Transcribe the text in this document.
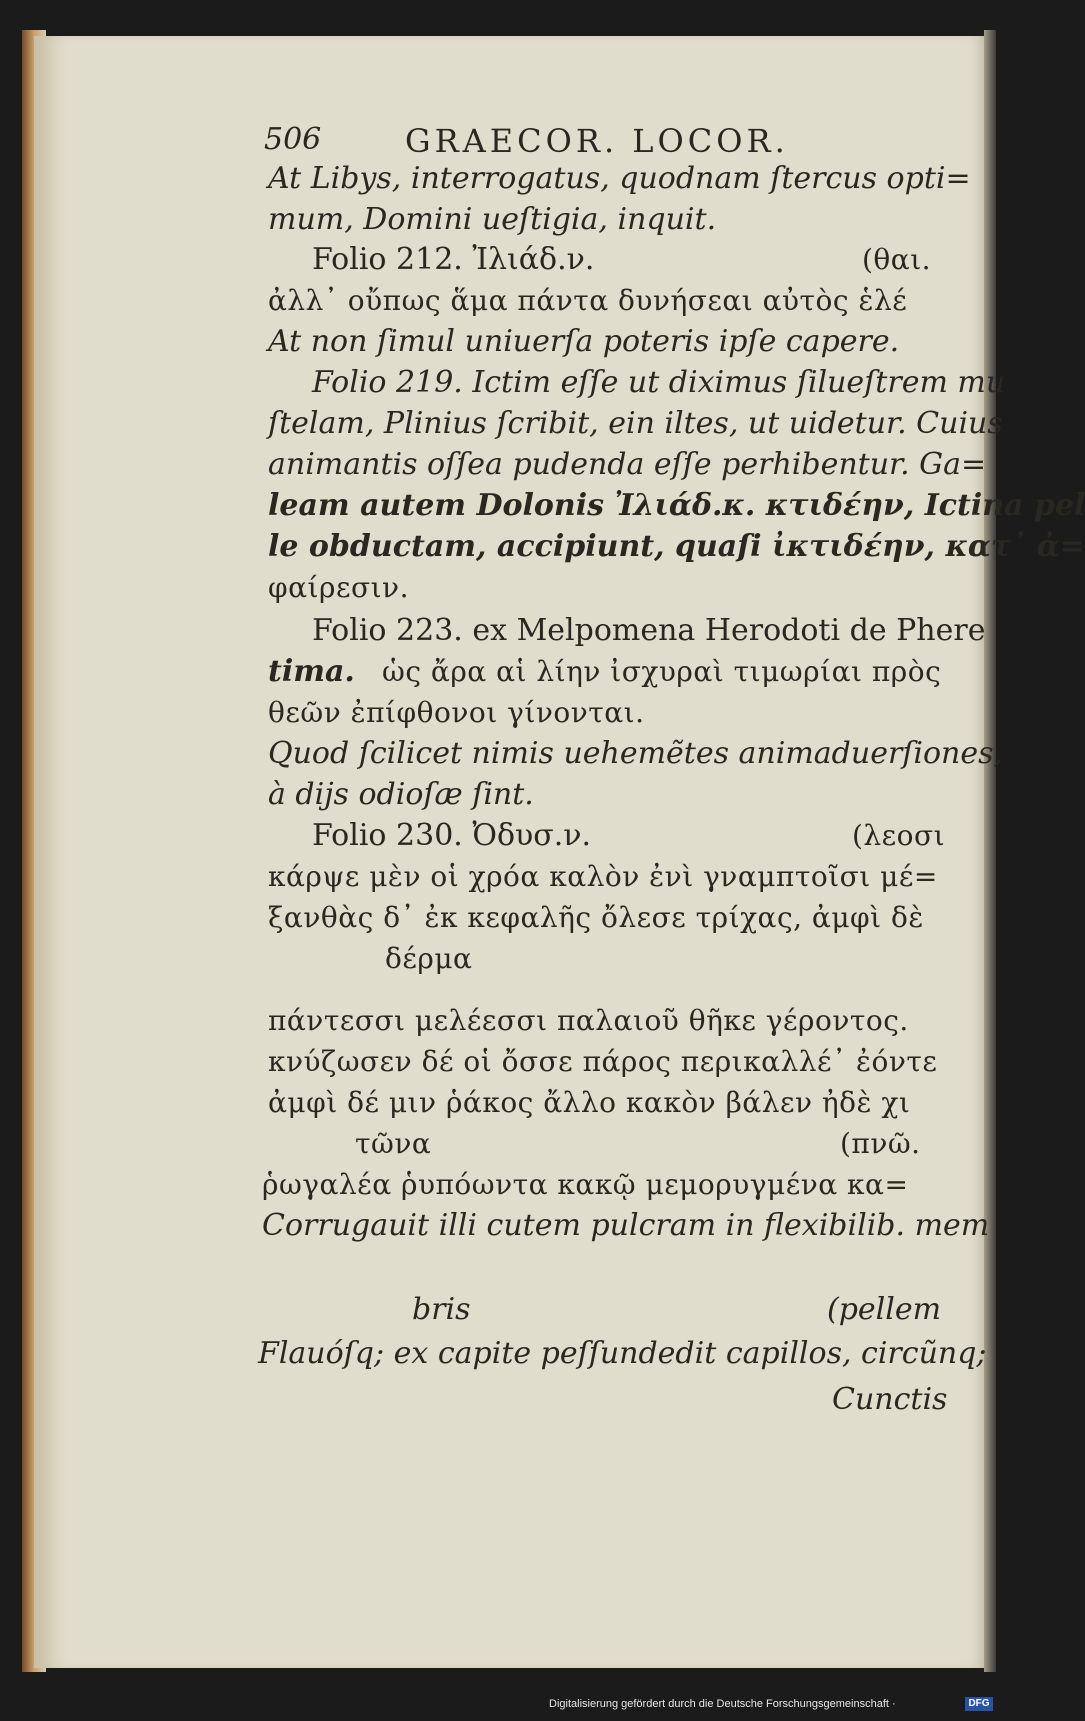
506	GRAECOR. LOCOR.
At Libys, interrogatus, quodnam ſtercus opti=
mum, Domini ueſtigia, inquit.
Folio 212. Ἰλιάδ.ν.	(θαι.
ἀλλ᾽ οὔπως ἅμα πάντα δυνήσεαι αὐτὸς ἑλέ
At non ſimul uniuerſa poteris ipſe capere.
Folio 219. Ictim eſſe ut diximus ſilueſtrem mu
ſtelam, Plinius ſcribit, ein iltes, ut uidetur. Cuius
animantis oſſea pudenda eſſe perhibentur. Ga=
leam autem Dolonis Ἰλιάδ.κ. κτιδέην, Ictina pel
le obductam, accipiunt, quaſi ἰκτιδέην, κατ᾽ ἀ=
φαίρεσιν.
Folio 223. ex Melpomena Herodoti de Phere
tima. ὡς ἄρα αἱ λίην ἰσχυραὶ τιμωρίαι πρὸς
θεῶν ἐπίφθονοι γίνονται.
Quod ſcilicet nimis uehemẽtes animaduerſiones,
à dijs odioſæ ſint.
Folio 230. Ὀδυσ.ν.	(λεοσι
κάρψε μὲν οἱ χρόα καλὸν ἐνὶ γναμπτοῖσι μέ=
ξανθὰς δ᾽ ἐκ κεφαλῆς ὄλεσε τρίχας, ἀμφὶ δὲ
δέρμα
πάντεσσι μελέεσσι παλαιοῦ θῆκε γέροντος.
κνύζωσεν δέ οἱ ὄσσε πάρος περικαλλέ᾽ ἐόντε
ἀμφὶ δέ μιν ῥάκος ἄλλο κακὸν βάλεν ἠδὲ χι
τῶνα	(πνῶ.
ῥωγαλέα ῥυπόωντα κακῷ μεμορυγμένα κα=
Corrugauit illi cutem pulcram in flexibilib. mem
bris	(pellem
Flauóſq; ex capite peſſundedit capillos, circũnq;
Cunctis
Digitalisierung gefördert durch die Deutsche Forschungsgemeinschaft ·	DFG
